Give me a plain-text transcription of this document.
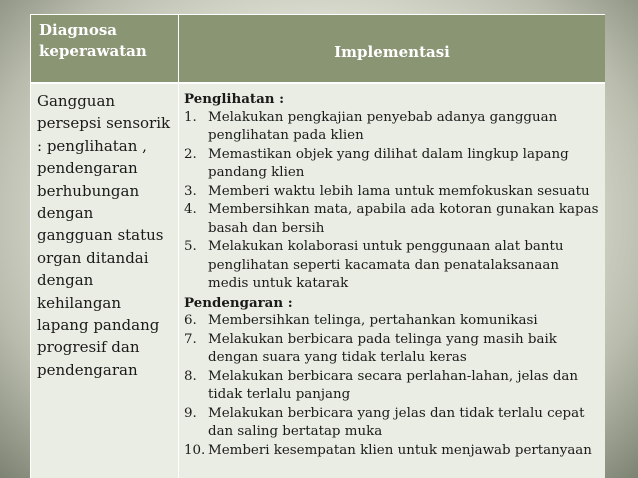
Diagnosa keperawatan	Implementasi
Gangguan persepsi sensorik : penglihatan , pendengaran berhubungan dengan gangguan status organ ditandai dengan kehilangan lapang pandang progresif dan pendengaran
Penglihatan :
1. Melakukan pengkajian penyebab adanya gangguan penglihatan pada klien
2. Memastikan objek yang dilihat dalam lingkup lapang pandang klien
3. Memberi waktu lebih lama untuk memfokuskan sesuatu
4. Membersihkan mata, apabila ada kotoran gunakan kapas basah dan bersih
5. Melakukan kolaborasi untuk penggunaan alat bantu penglihatan seperti kacamata dan penatalaksanaan medis untuk katarak
Pendengaran :
6. Membersihkan telinga, pertahankan komunikasi
7. Melakukan berbicara pada telinga yang masih baik dengan suara yang tidak terlalu keras
8. Melakukan berbicara secara perlahan-lahan, jelas dan tidak terlalu panjang
9. Melakukan berbicara yang jelas dan tidak terlalu cepat dan saling bertatap muka
10. Memberi kesempatan klien untuk menjawab pertanyaan
